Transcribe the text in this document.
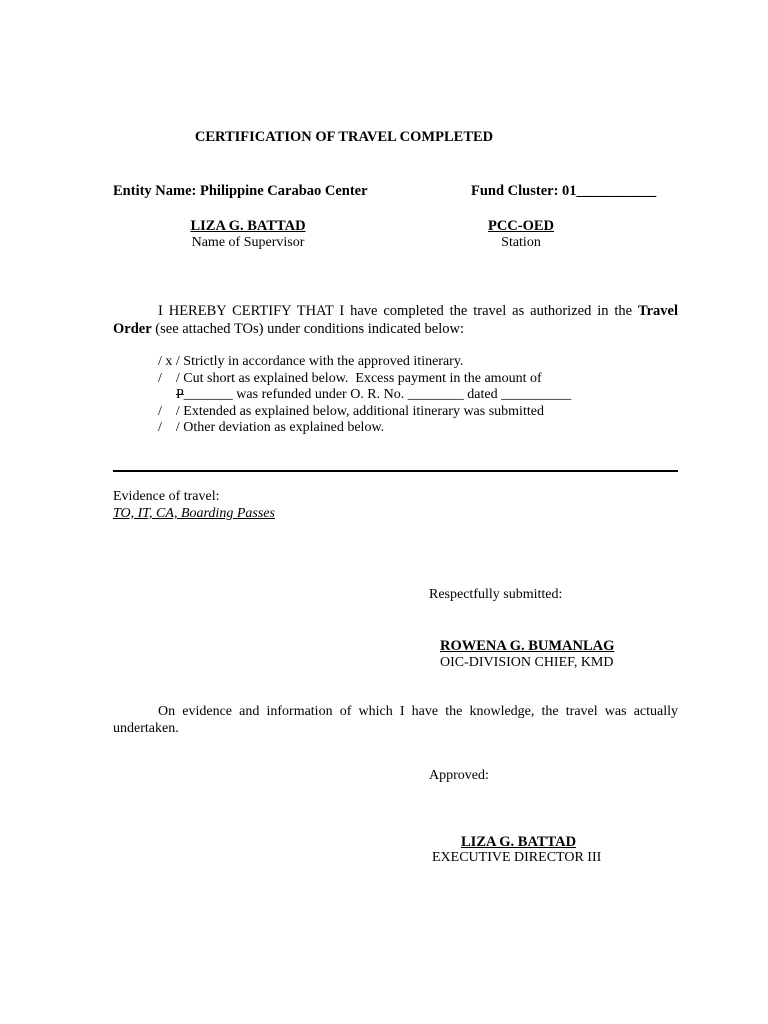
CERTIFICATION OF TRAVEL COMPLETED
Entity Name: Philippine Carabao Center	Fund Cluster: 01___________
LIZA G. BATTAD
Name of Supervisor
PCC-OED
Station
I HEREBY CERTIFY THAT I have completed the travel as authorized in the Travel Order (see attached TOs) under conditions indicated below:
/ x / Strictly in accordance with the approved itinerary.
/    / Cut short as explained below.  Excess payment in the amount of
P_______ was refunded under O. R. No. ________ dated __________
/    / Extended as explained below, additional itinerary was submitted
/    / Other deviation as explained below.
Evidence of travel:
TO, IT, CA, Boarding Passes
Respectfully submitted:
ROWENA G. BUMANLAG
OIC-DIVISION CHIEF, KMD
On evidence and information of which I have the knowledge, the travel was actually undertaken.
Approved:
LIZA G. BATTAD
EXECUTIVE DIRECTOR III
